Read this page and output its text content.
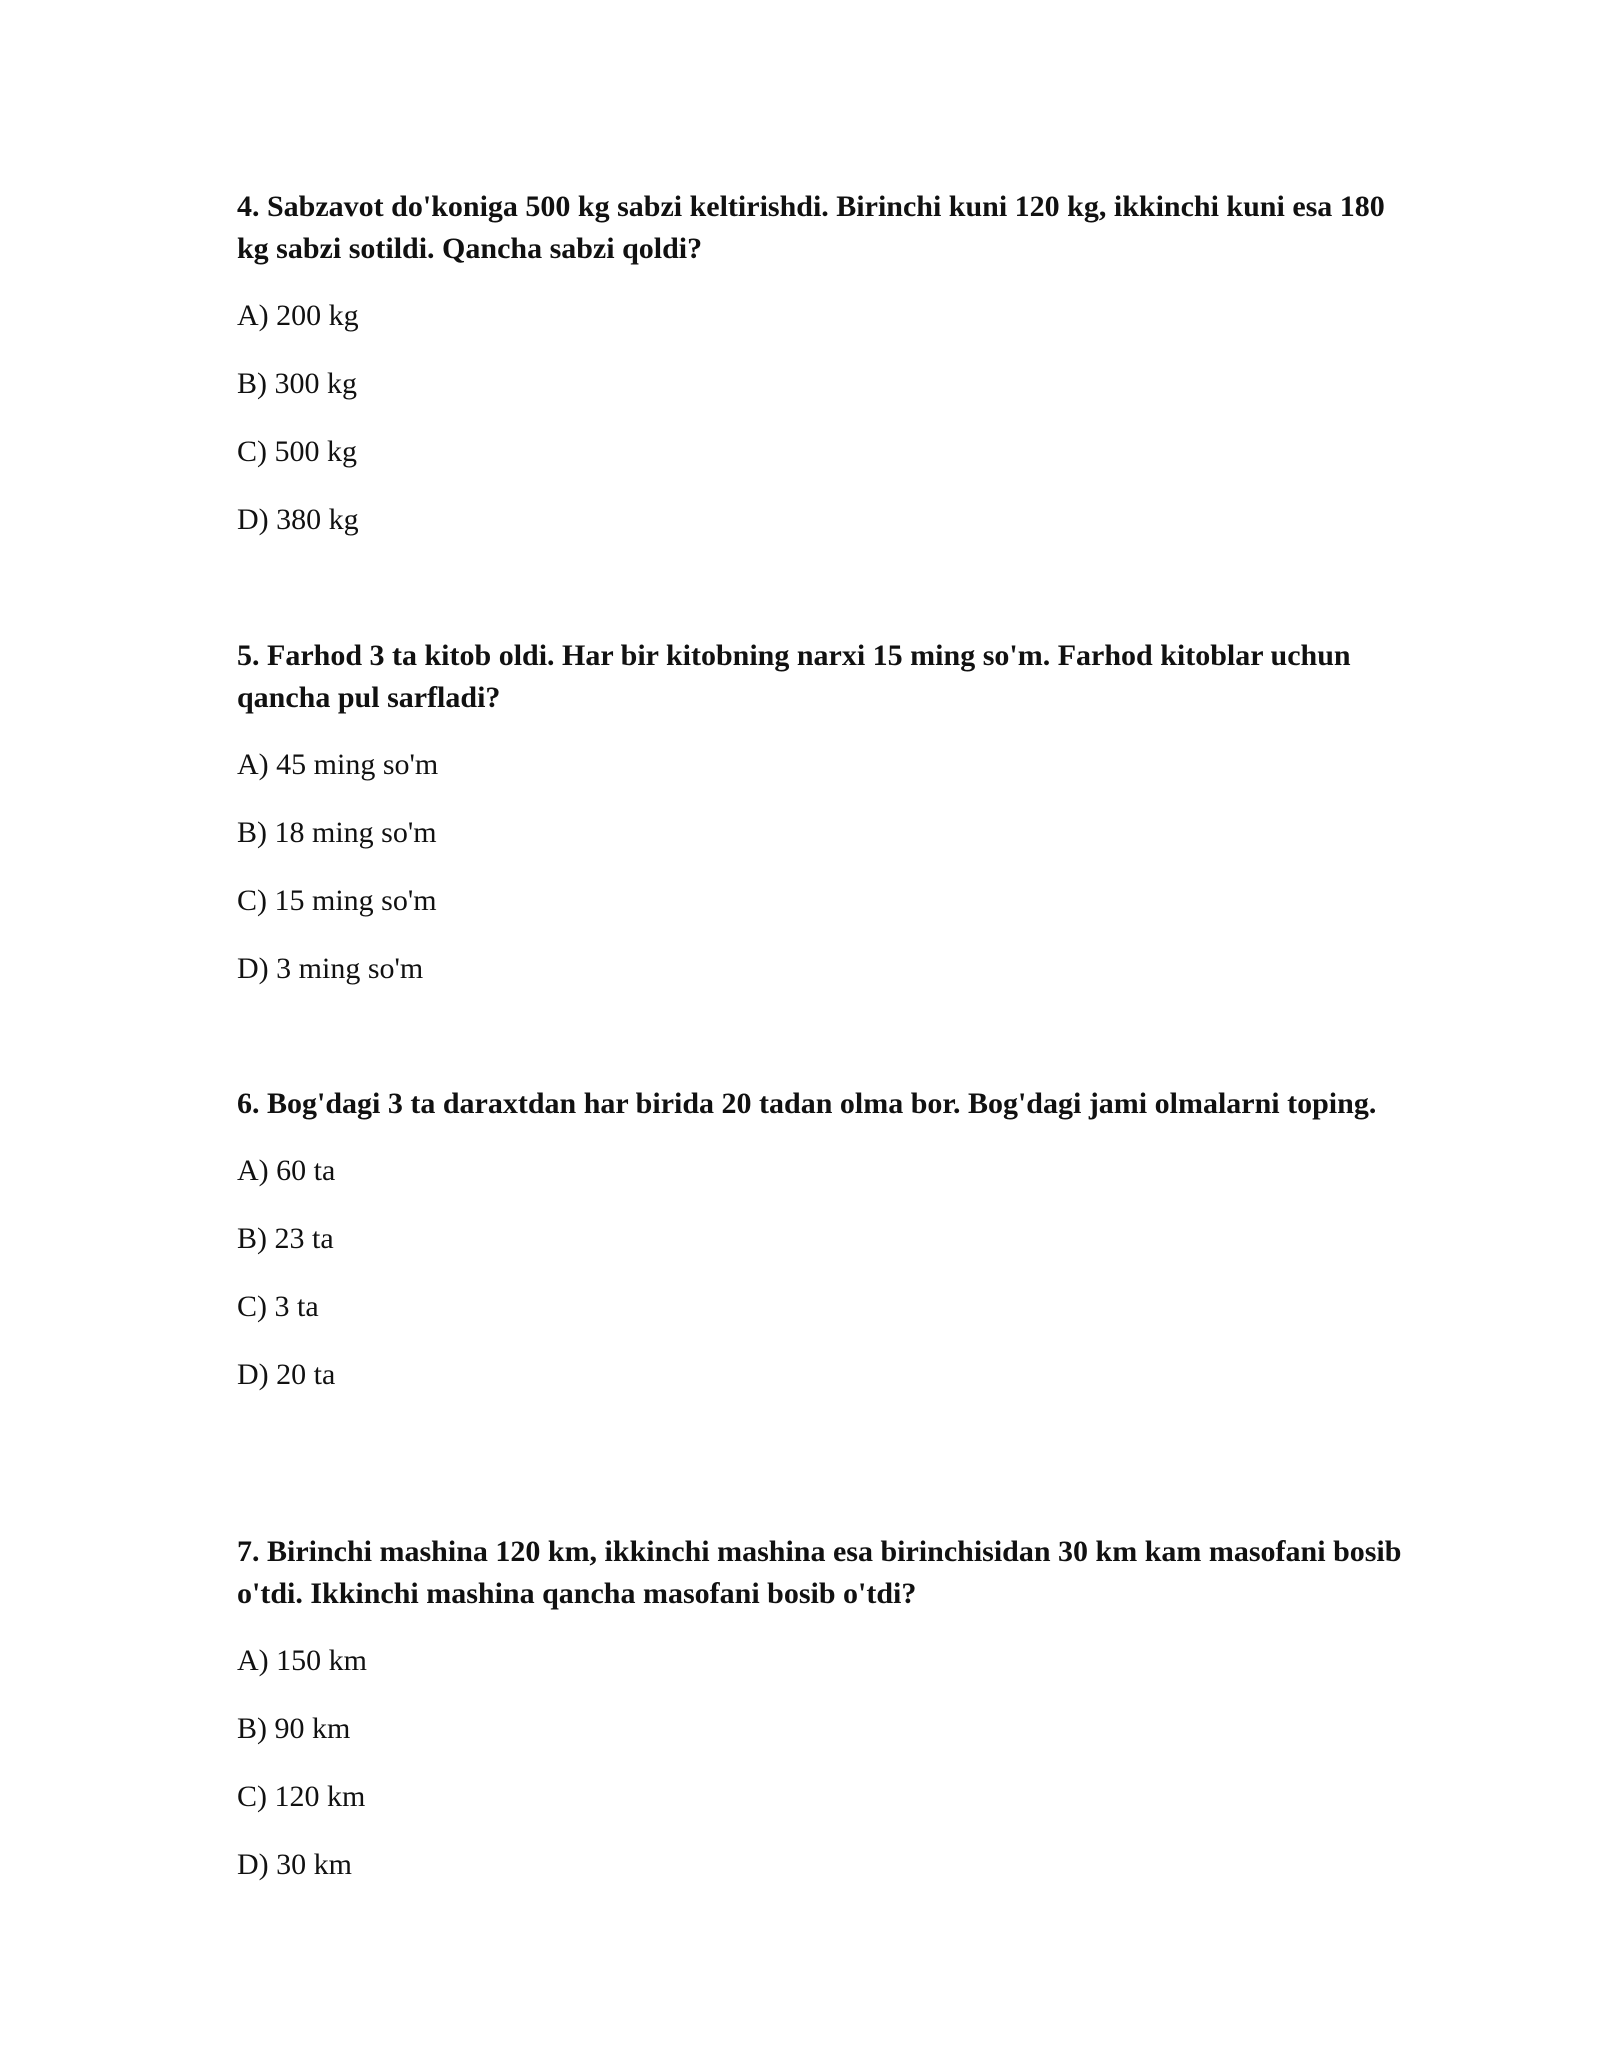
4. Sabzavot do'koniga 500 kg sabzi keltirishdi. Birinchi kuni 120 kg, ikkinchi kuni esa 180 kg sabzi sotildi. Qancha sabzi qoldi?

A) 200 kg
B) 300 kg
C) 500 kg
D) 380 kg

5. Farhod 3 ta kitob oldi. Har bir kitobning narxi 15 ming so'm. Farhod kitoblar uchun qancha pul sarfladi?

A) 45 ming so'm
B) 18 ming so'm
C) 15 ming so'm
D) 3 ming so'm

6. Bog'dagi 3 ta daraxtdan har birida 20 tadan olma bor. Bog'dagi jami olmalarni toping.

A) 60 ta
B) 23 ta
C) 3 ta
D) 20 ta

7. Birinchi mashina 120 km, ikkinchi mashina esa birinchisidan 30 km kam masofani bosib o'tdi. Ikkinchi mashina qancha masofani bosib o'tdi?

A) 150 km
B) 90 km
C) 120 km
D) 30 km
